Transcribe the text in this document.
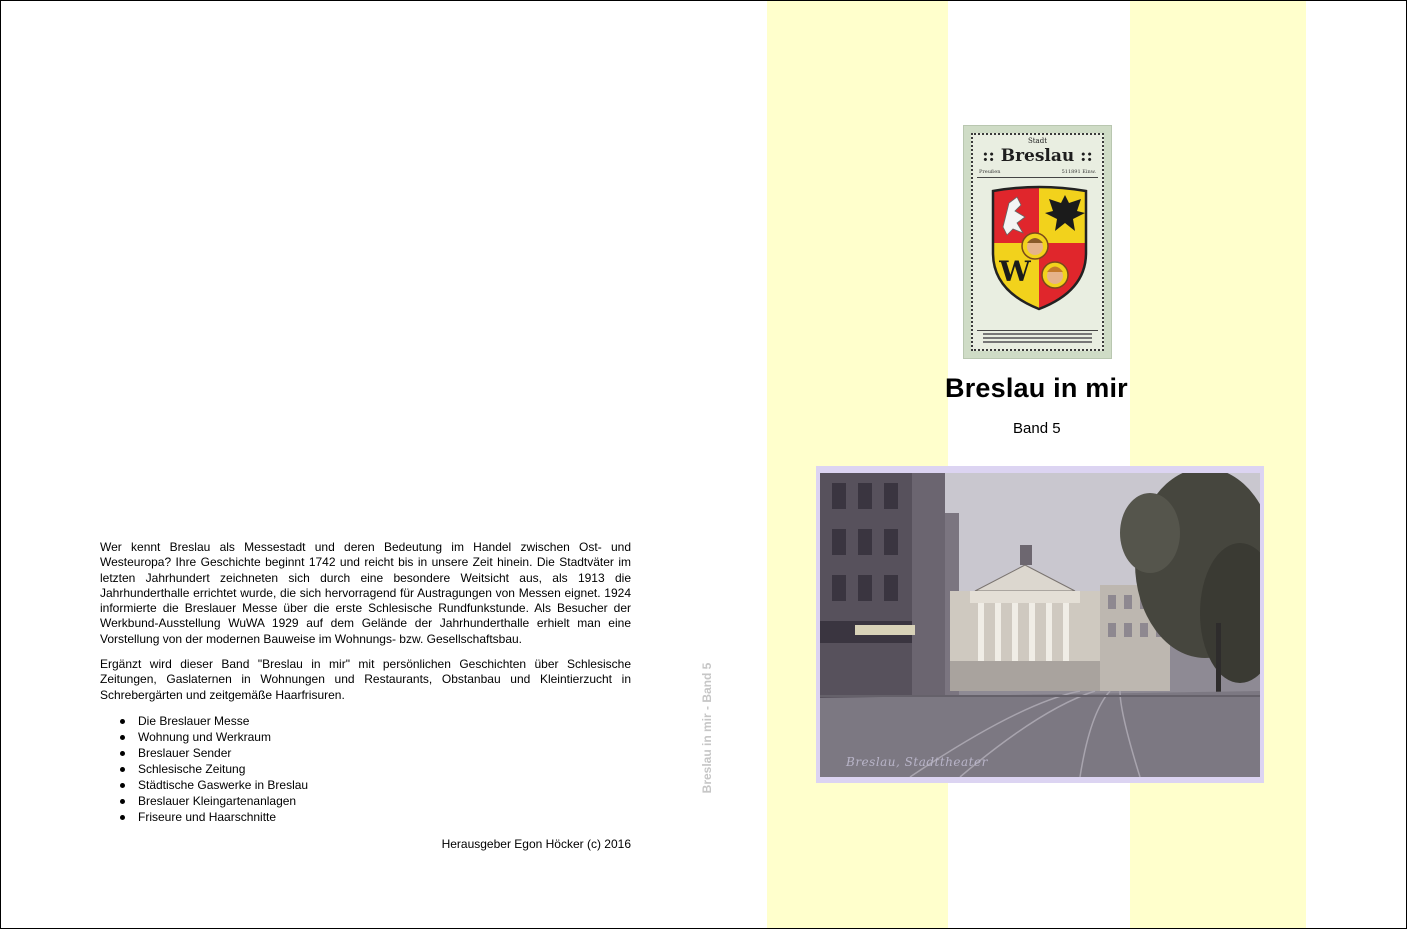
Wer kennt Breslau als Messestadt und deren Bedeutung im Handel zwischen Ost- und Westeuropa? Ihre Geschichte beginnt 1742 und reicht bis in unsere Zeit hinein. Die Stadtväter im letzten Jahrhundert zeichneten sich durch eine besondere Weitsicht aus, als 1913 die Jahrhunderthalle errichtet wurde, die sich hervorragend für Austragungen von Messen eignet. 1924 informierte die Breslauer Messe über die erste Schlesische Rundfunkstunde. Als Besucher der Werkbund-Ausstellung WuWA 1929 auf dem Gelände der Jahrhunderthalle erhielt man eine Vorstellung von der modernen Bauweise im Wohnungs- bzw. Gesellschaftsbau.

Ergänzt wird dieser Band "Breslau in mir" mit persönlichen Geschichten über Schlesische Zeitungen, Gaslaternen in Wohnungen und Restaurants, Obstanbau und Kleintierzucht in Schrebergärten und zeitgemäße Haarfrisuren.

Die Breslauer Messe
Wohnung und Werkraum
Breslauer Sender
Schlesische Zeitung
Städtische Gaswerke in Breslau
Breslauer Kleingartenanlagen
Friseure und Haarschnitte
Herausgeber Egon Höcker (c) 2016
Breslau in mir - Band 5
Stadt
:: Breslau ::
Preußen	511891 Einw.
W
Breslau in mir
Band 5
Breslau, Stadttheater
